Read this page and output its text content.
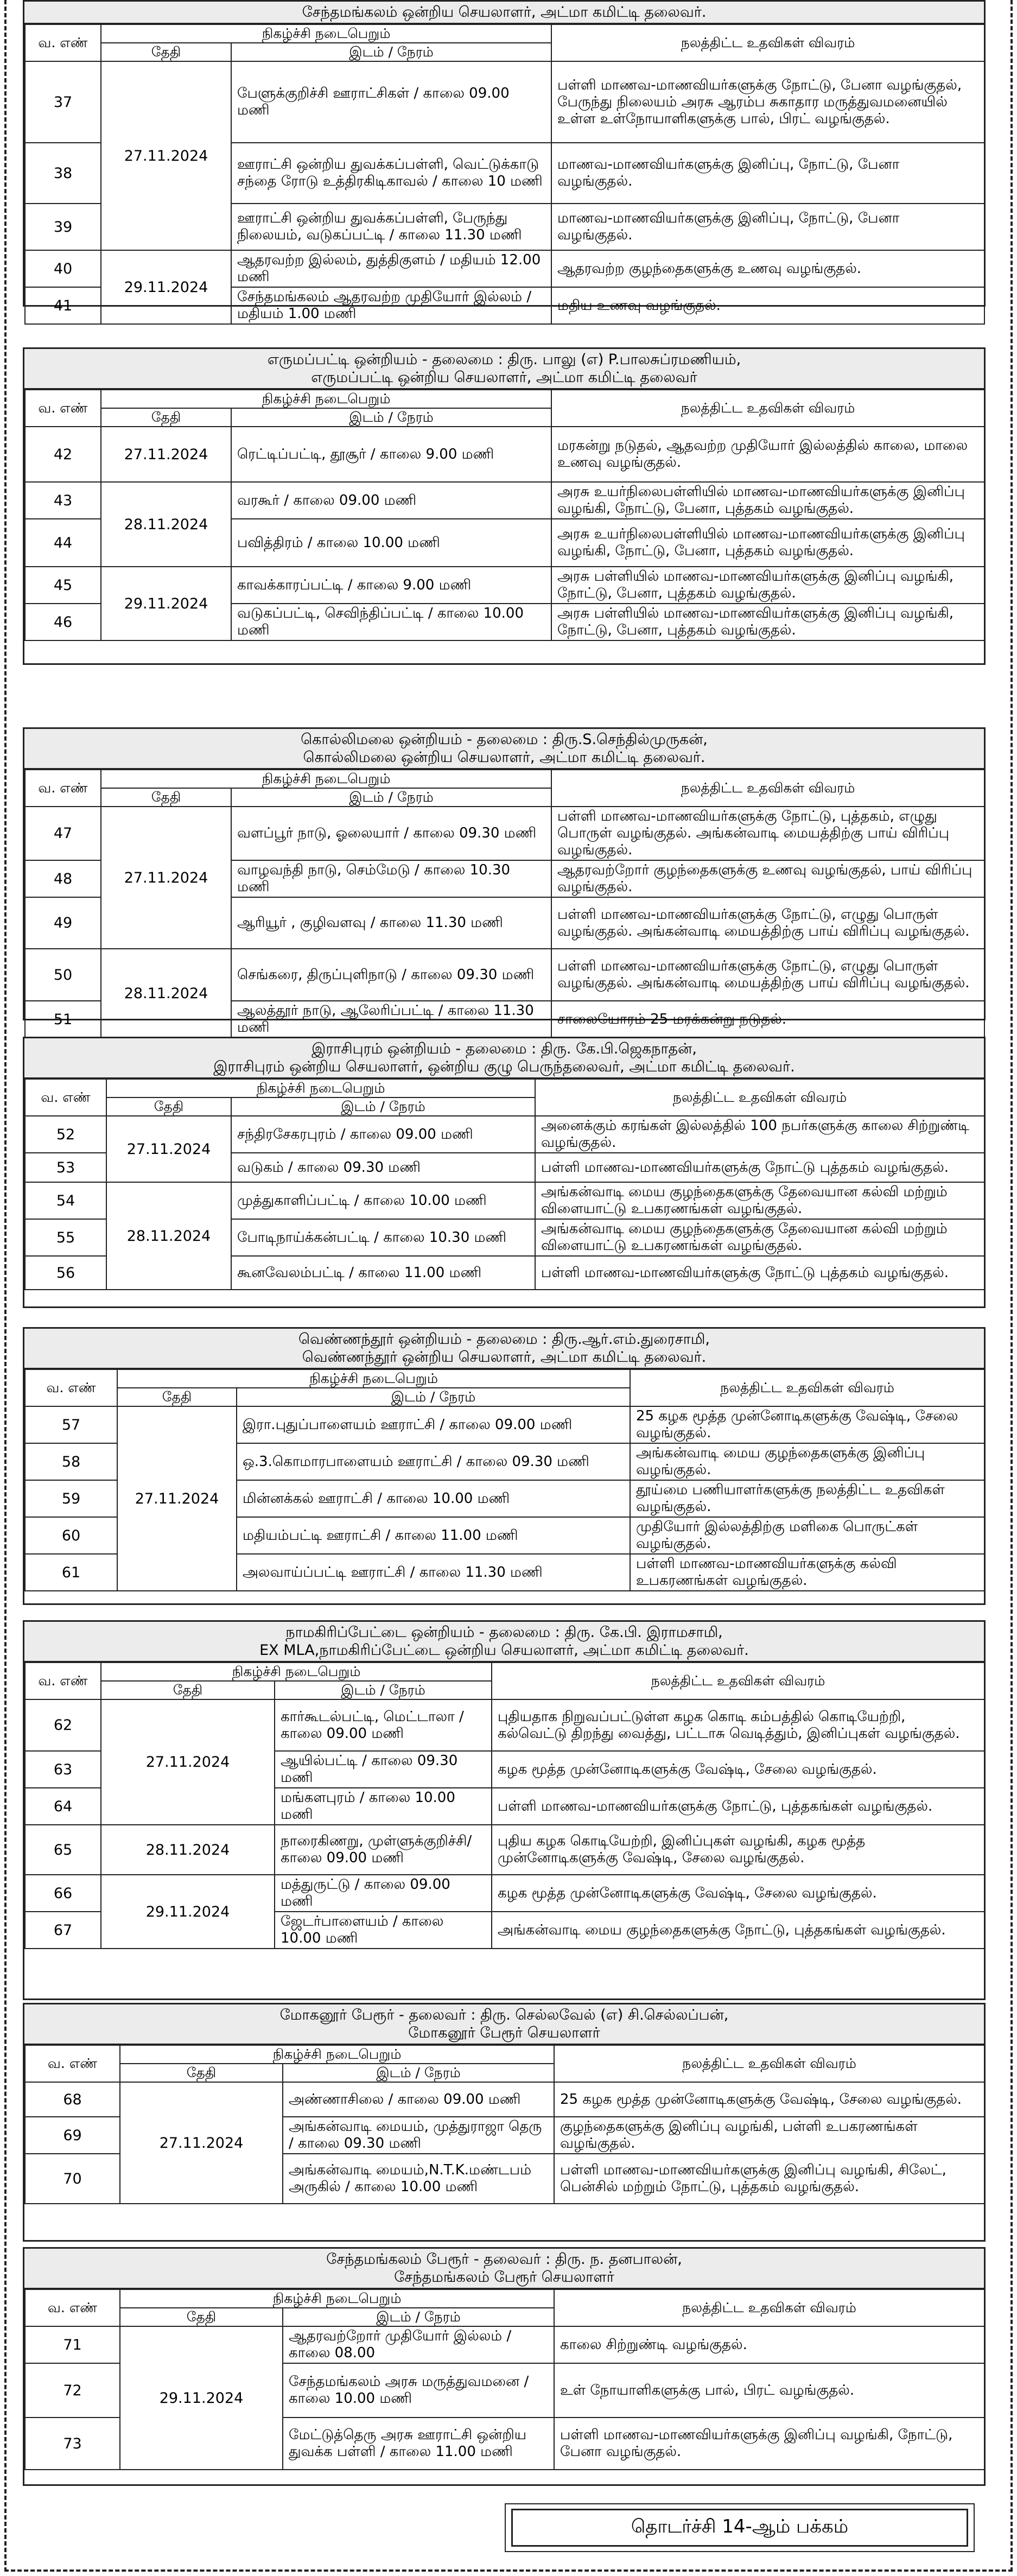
சேந்தமங்கலம் ஒன்றிய செயலாளர், அட்மா கமிட்டி தலைவர்.
வ. எண்	நிகழ்ச்சி நடைபெறும்		நலத்திட்ட உதவிகள் விவரம்
	தேதி	இடம் / நேரம்	
37	27.11.2024	பேளுக்குறிச்சி ஊராட்சிகள் / காலை 09.00 மணி	பள்ளி மாணவ-மாணவியர்களுக்கு நோட்டு, பேனா வழங்குதல், பேருந்து நிலையம் அரசு ஆரம்ப சுகாதார மருத்துவமனையில் உள்ள உள்நோயாளிகளுக்கு பால், பிரட் வழங்குதல்.
38		ஊராட்சி ஒன்றிய துவக்கப்பள்ளி, வெட்டுக்காடு சந்தை ரோடு உத்திரகிடிகாவல் / காலை 10 மணி	மாணவ-மாணவியர்களுக்கு இனிப்பு, நோட்டு, பேனா வழங்குதல்.
39		ஊராட்சி ஒன்றிய துவக்கப்பள்ளி, பேருந்து நிலையம், வடுகப்பட்டி / காலை 11.30 மணி	மாணவ-மாணவியர்களுக்கு இனிப்பு, நோட்டு, பேனா வழங்குதல்.
40	29.11.2024	ஆதரவற்ற இல்லம், துத்திகுளம் / மதியம் 12.00 மணி	ஆதரவற்ற குழந்தைகளுக்கு உணவு வழங்குதல்.
41		சேந்தமங்கலம் ஆதரவற்ற முதியோர் இல்லம் / மதியம் 1.00 மணி	மதிய உணவு வழங்குதல்.
எருமப்பட்டி ஒன்றியம் - தலைமை : திரு. பாலு (எ) P.பாலசுப்ரமணியம்,
எருமப்பட்டி ஒன்றிய செயலாளர், அட்மா கமிட்டி தலைவர்
வ. எண்	நிகழ்ச்சி நடைபெறும்		நலத்திட்ட உதவிகள் விவரம்
	தேதி	இடம் / நேரம்	
42	27.11.2024	ரெட்டிப்பட்டி, தூசூர் / காலை 9.00 மணி	மரகன்று நடுதல், ஆதவற்ற முதியோர் இல்லத்தில் காலை, மாலை உணவு வழங்குதல்.
43	28.11.2024	வரகூர் / காலை 09.00 மணி	அரசு உயர்நிலைபள்ளியில் மாணவ-மாணவியர்களுக்கு இனிப்பு வழங்கி, நோட்டு, பேனா, புத்தகம் வழங்குதல்.
44		பவித்திரம் / காலை 10.00 மணி	அரசு உயர்நிலைபள்ளியில் மாணவ-மாணவியர்களுக்கு இனிப்பு வழங்கி, நோட்டு, பேனா, புத்தகம் வழங்குதல்.
45	29.11.2024	காவக்காரப்பட்டி / காலை 9.00 மணி	அரசு பள்ளியில் மாணவ-மாணவியர்களுக்கு இனிப்பு வழங்கி, நோட்டு, பேனா, புத்தகம் வழங்குதல்.
46		வடுகப்பட்டி, செவிந்திப்பட்டி / காலை 10.00 மணி	அரசு பள்ளியில் மாணவ-மாணவியர்களுக்கு இனிப்பு வழங்கி, நோட்டு, பேனா, புத்தகம் வழங்குதல்.
கொல்லிமலை ஒன்றியம் - தலைமை : திரு.S.செந்தில்முருகன்,
கொல்லிமலை ஒன்றிய செயலாளர், அட்மா கமிட்டி தலைவர்.
வ. எண்	நிகழ்ச்சி நடைபெறும்		நலத்திட்ட உதவிகள் விவரம்
	தேதி	இடம் / நேரம்	
47	27.11.2024	வளப்பூர் நாடு, ஓலையார் / காலை 09.30 மணி	பள்ளி மாணவ-மாணவியர்களுக்கு நோட்டு, புத்தகம், எழுது பொருள் வழங்குதல். அங்கன்வாடி மையத்திற்கு பாய் விரிப்பு வழங்குதல்.
48		வாழவந்தி நாடு, செம்மேடு / காலை 10.30 மணி	ஆதரவற்றோர் குழந்தைகளுக்கு உணவு வழங்குதல், பாய் விரிப்பு வழங்குதல்.
49		ஆரியூர் , குழிவளவு / காலை 11.30 மணி	பள்ளி மாணவ-மாணவியர்களுக்கு நோட்டு, எழுது பொருள் வழங்குதல். அங்கன்வாடி மையத்திற்கு பாய் விரிப்பு வழங்குதல்.
50	28.11.2024	செங்கரை, திருப்புளிநாடு / காலை 09.30 மணி	பள்ளி மாணவ-மாணவியர்களுக்கு நோட்டு, எழுது பொருள் வழங்குதல். அங்கன்வாடி மையத்திற்கு பாய் விரிப்பு வழங்குதல்.
51		ஆலத்தூர் நாடு, ஆலேரிப்பட்டி / காலை 11.30 மணி	சாலையோரம் 25 மரக்கன்று நடுதல்.
இராசிபுரம் ஒன்றியம் - தலைமை : திரு. கே.பி.ஜெகநாதன்,
இராசிபுரம் ஒன்றிய செயலாளர், ஒன்றிய குழு பெருந்தலைவர், அட்மா கமிட்டி தலைவர்.
வ. எண்	நிகழ்ச்சி நடைபெறும்		நலத்திட்ட உதவிகள் விவரம்
	தேதி	இடம் / நேரம்	
52	27.11.2024	சந்திரசேகரபுரம் / காலை 09.00 மணி	அனைக்கும் கரங்கள் இல்லத்தில் 100 நபர்களுக்கு காலை சிற்றுண்டி வழங்குதல்.
53		வடுகம் / காலை 09.30 மணி	பள்ளி மாணவ-மாணவியர்களுக்கு நோட்டு புத்தகம் வழங்குதல்.
54	28.11.2024	முத்துகாளிப்பட்டி / காலை 10.00 மணி	அங்கன்வாடி மைய குழந்தைகளுக்கு தேவையான கல்வி மற்றும் விளையாட்டு உபகரணங்கள் வழங்குதல்.
55		போடிநாய்க்கன்பட்டி / காலை 10.30 மணி	அங்கன்வாடி மைய குழந்தைகளுக்கு தேவையான கல்வி மற்றும் விளையாட்டு உபகரணங்கள் வழங்குதல்.
56		கூனவேலம்பட்டி / காலை 11.00 மணி	பள்ளி மாணவ-மாணவியர்களுக்கு நோட்டு புத்தகம் வழங்குதல்.
வெண்ணந்தூர் ஒன்றியம் - தலைமை : திரு.ஆர்.எம்.துரைசாமி,
வெண்ணந்தூர் ஒன்றிய செயலாளர், அட்மா கமிட்டி தலைவர்.
வ. எண்	நிகழ்ச்சி நடைபெறும்		நலத்திட்ட உதவிகள் விவரம்
	தேதி	இடம் / நேரம்	
57	27.11.2024	இரா.புதுப்பாளையம் ஊராட்சி / காலை 09.00 மணி	25 கழக மூத்த முன்னோடிகளுக்கு வேஷ்டி, சேலை வழங்குதல்.
58		ஒ.3.கொமாரபாளையம் ஊராட்சி / காலை 09.30 மணி	அங்கன்வாடி மைய குழந்தைகளுக்கு இனிப்பு வழங்குதல்.
59		மின்னக்கல் ஊராட்சி / காலை 10.00 மணி	தூய்மை பணியாளர்களுக்கு நலத்திட்ட உதவிகள் வழங்குதல்.
60		மதியம்பட்டி ஊராட்சி / காலை 11.00 மணி	முதியோர் இல்லத்திற்கு மளிகை பொருட்கள் வழங்குதல்.
61		அலவாய்ப்பட்டி ஊராட்சி / காலை 11.30 மணி	பள்ளி மாணவ-மாணவியர்களுக்கு கல்வி உபகரணங்கள் வழங்குதல்.
நாமகிரிப்பேட்டை ஒன்றியம் - தலைமை : திரு. கே.பி. இராமசாமி,
EX MLA,நாமகிரிப்பேட்டை ஒன்றிய செயலாளர், அட்மா கமிட்டி தலைவர்.
வ. எண்	நிகழ்ச்சி நடைபெறும்		நலத்திட்ட உதவிகள் விவரம்
	தேதி	இடம் / நேரம்	
62	27.11.2024	கார்கூடல்பட்டி, மெட்டாலா / காலை 09.00 மணி	புதியதாக நிறுவப்பட்டுள்ள கழக கொடி கம்பத்தில் கொடியேற்றி, கல்வெட்டு திறந்து வைத்து, பட்டாசு வெடித்தும், இனிப்புகள் வழங்குதல்.
63		ஆயில்பட்டி / காலை 09.30 மணி	கழக மூத்த முன்னோடிகளுக்கு வேஷ்டி, சேலை வழங்குதல்.
64		மங்களபுரம் / காலை 10.00 மணி	பள்ளி மாணவ-மாணவியர்களுக்கு நோட்டு, புத்தகங்கள் வழங்குதல்.
65	28.11.2024	நாரைகிணறு, முள்ளுக்குறிச்சி/ காலை 09.00 மணி	புதிய கழக கொடியேற்றி, இனிப்புகள் வழங்கி, கழக மூத்த முன்னோடிகளுக்கு வேஷ்டி, சேலை வழங்குதல்.
66	29.11.2024	மத்துருட்டு / காலை 09.00 மணி	கழக மூத்த முன்னோடிகளுக்கு வேஷ்டி, சேலை வழங்குதல்.
67		ஜேடர்பாளையம் / காலை 10.00 மணி	அங்கன்வாடி மைய குழந்தைகளுக்கு நோட்டு, புத்தகங்கள் வழங்குதல்.
மோகனூர் பேரூர் - தலைவர் : திரு. செல்லவேல் (எ) சி.செல்லப்பன்,
மோகனூர் பேரூர் செயலாளர்
வ. எண்	நிகழ்ச்சி நடைபெறும்		நலத்திட்ட உதவிகள் விவரம்
	தேதி	இடம் / நேரம்	
68	27.11.2024	அண்ணாசிலை / காலை 09.00 மணி	25 கழக மூத்த முன்னோடிகளுக்கு வேஷ்டி, சேலை வழங்குதல்.
69		அங்கன்வாடி மையம், முத்துராஜா தெரு / காலை 09.30 மணி	குழந்தைகளுக்கு இனிப்பு வழங்கி, பள்ளி உபகரணங்கள் வழங்குதல்.
70		அங்கன்வாடி மையம்,N.T.K.மண்டபம் அருகில் / காலை 10.00 மணி	பள்ளி மாணவ-மாணவியர்களுக்கு இனிப்பு வழங்கி, சிலேட், பென்சில் மற்றும் நோட்டு, புத்தகம் வழங்குதல்.
சேந்தமங்கலம் பேரூர் - தலைவர் : திரு. ந. தனபாலன்,
சேந்தமங்கலம் பேரூர் செயலாளர்
வ. எண்	நிகழ்ச்சி நடைபெறும்		நலத்திட்ட உதவிகள் விவரம்
	தேதி	இடம் / நேரம்	
71	29.11.2024	ஆதரவற்றோர் முதியோர் இல்லம் / காலை 08.00	காலை சிற்றுண்டி வழங்குதல்.
72		சேந்தமங்கலம் அரசு மருத்துவமனை / காலை 10.00 மணி	உள் நோயாளிகளுக்கு பால், பிரட் வழங்குதல்.
73		மேட்டுத்தெரு அரசு ஊராட்சி ஒன்றிய துவக்க பள்ளி / காலை 11.00 மணி	பள்ளி மாணவ-மாணவியர்களுக்கு இனிப்பு வழங்கி, நோட்டு, பேனா வழங்குதல்.
தொடர்ச்சி 14-ஆம் பக்கம்
